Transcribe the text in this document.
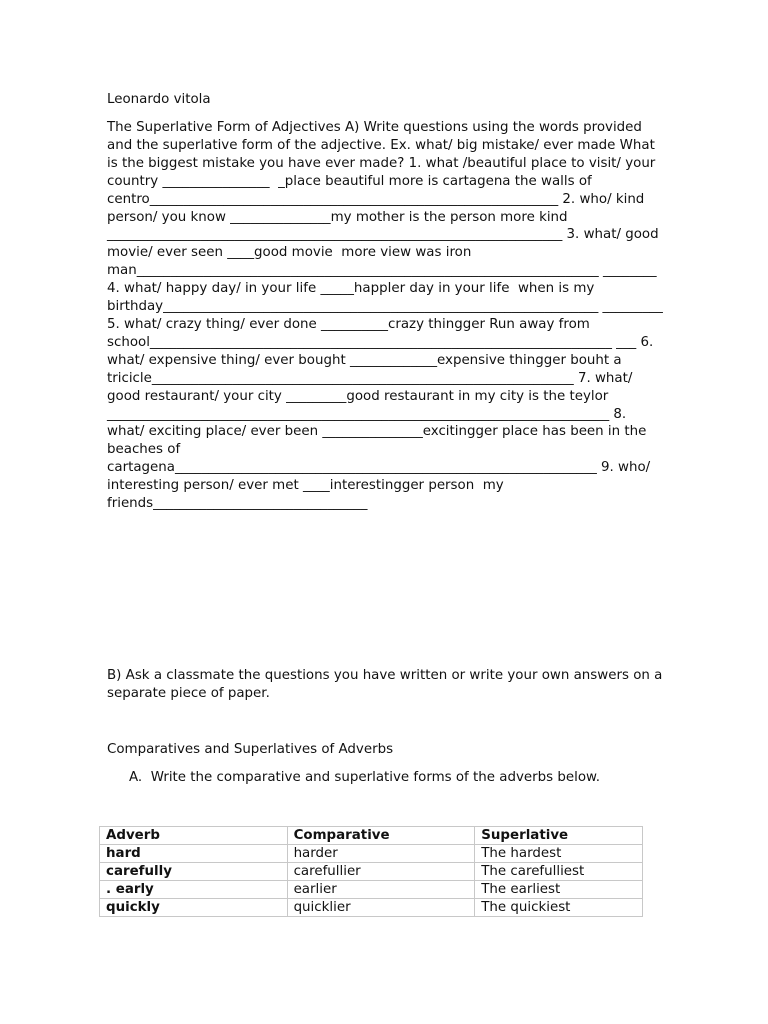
Leonardo vitola

The Superlative Form of Adjectives A) Write questions using the words provided and the superlative form of the adjective. Ex. what/ big mistake/ ever made What is the biggest mistake you have ever made? 1. what /beautiful place to visit/ your country ________________  _place beautiful more is cartagena the walls of centro_____________________________________________________________ 2. who/ kind person/ you know _______________my mother is the person more kind ____________________________________________________________________ 3. what/ good movie/ ever seen ____good movie  more view was iron man_____________________________________________________________________ ________ 4. what/ happy day/ in your life _____happler day in your life  when is my birthday_________________________________________________________________ _________ 5. what/ crazy thing/ ever done __________crazy thingger Run away from school_____________________________________________________________________ ___ 6. what/ expensive thing/ ever bought _____________expensive thingger bouht a tricicle_______________________________________________________________ 7. what/ good restaurant/ your city _________good restaurant in my city is the teylor ___________________________________________________________________________ 8. what/ exciting place/ ever been _______________excitingger place has been in the beaches of cartagena_______________________________________________________________ 9. who/ interesting person/ ever met ____interestingger person  my friends________________________________

B) Ask a classmate the questions you have written or write your own answers on a separate piece of paper.

Comparatives and Superlatives of Adverbs

A.  Write the comparative and superlative forms of the adverbs below.

Adverb	Comparative	Superlative
hard	harder	The hardest
carefully	carefullier	The carefulliest
. early	earlier	The earliest
quickly	quicklier	The quickiest
